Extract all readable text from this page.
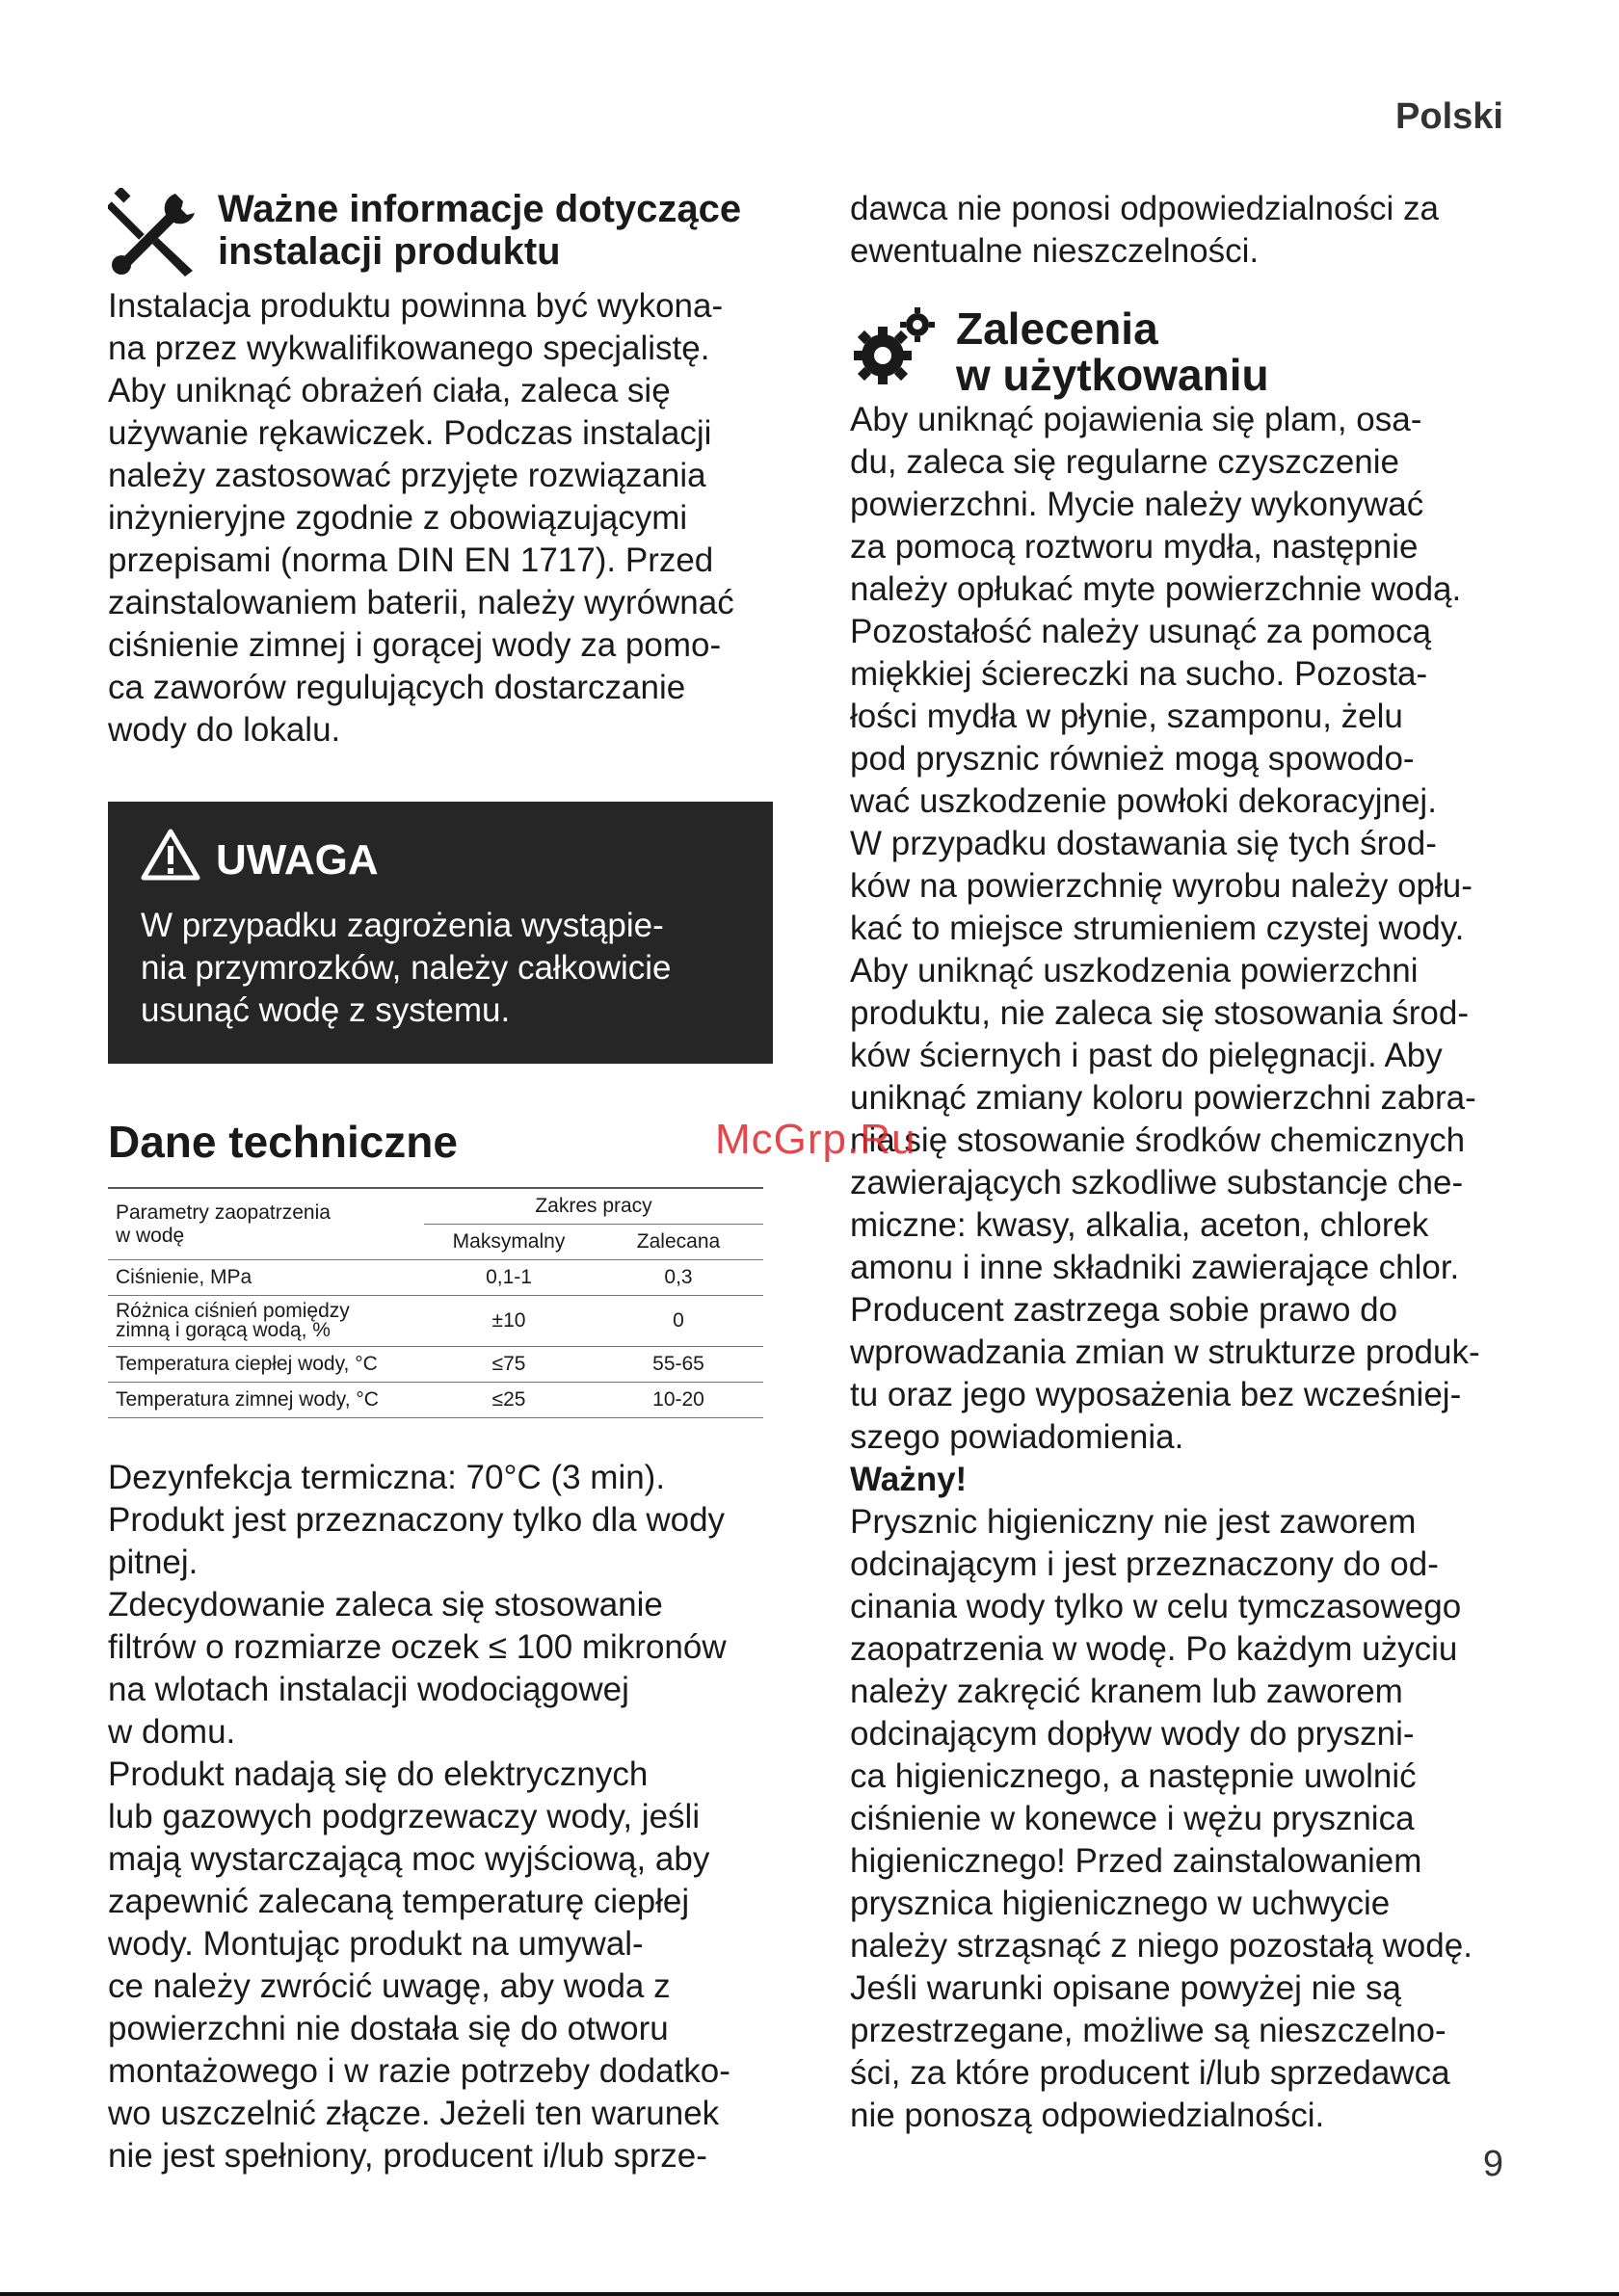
Polski
Ważne informacje dotyczące
instalacji produktu

Instalacja produktu powinna być wykona-

na przez wykwalifikowanego specjalistę.

Aby uniknąć obrażeń ciała, zaleca się

używanie rękawiczek. Podczas instalacji

należy zastosować przyjęte rozwiązania

inżynieryjne zgodnie z obowiązującymi

przepisami (norma DIN EN 1717). Przed

zainstalowaniem baterii, należy wyrównać

ciśnienie zimnej i gorącej wody za pomo-

ca zaworów regulujących dostarczanie

wody do lokalu.

UWAGA

W przypadku zagrożenia wystąpie-

nia przymrozków, należy całkowicie

usunąć wodę z systemu.

Dane techniczne
Parametry zaopatrzenia
w wodę	Zakres pracy	
	Maksymalny	Zalecana
Ciśnienie, MPa	0,1-1	0,3
Różnica ciśnień pomiędzy
zimną i gorącą wodą, %	±10	0
Temperatura ciepłej wody, °C	≤75	55-65
Temperatura zimnej wody, °C	≤25	10-20

Dezynfekcja termiczna: 70°C (3 min).

Produkt jest przeznaczony tylko dla wody

pitnej.

Zdecydowanie zaleca się stosowanie

filtrów o rozmiarze oczek ≤ 100 mikronów

na wlotach instalacji wodociągowej

w domu.

Produkt nadają się do elektrycznych

lub gazowych podgrzewaczy wody, jeśli

mają wystarczającą moc wyjściową, aby

zapewnić zalecaną temperaturę ciepłej

wody. Montując produkt na umywal-

ce należy zwrócić uwagę, aby woda z

powierzchni nie dostała się do otworu

montażowego i w razie potrzeby dodatko-

wo uszczelnić złącze. Jeżeli ten warunek

nie jest spełniony, producent i/lub sprze-

dawca nie ponosi odpowiedzialności za

ewentualne nieszczelności.

Zalecenia
w użytkowaniu

Aby uniknąć pojawienia się plam, osa-

du, zaleca się regularne czyszczenie

powierzchni. Mycie należy wykonywać

za pomocą roztworu mydła, następnie

należy opłukać myte powierzchnie wodą.

Pozostałość należy usunąć za pomocą

miękkiej ściereczki na sucho. Pozosta-

łości mydła w płynie, szamponu, żelu

pod prysznic również mogą spowodo-

wać uszkodzenie powłoki dekoracyjnej.

W przypadku dostawania się tych środ-

ków na powierzchnię wyrobu należy opłu-

kać to miejsce strumieniem czystej wody.

Aby uniknąć uszkodzenia powierzchni

produktu, nie zaleca się stosowania środ-

ków ściernych i past do pielęgnacji. Aby

uniknąć zmiany koloru powierzchni zabra-

nia się stosowanie środków chemicznych

zawierających szkodliwe substancje che-

miczne: kwasy, alkalia, aceton, chlorek

amonu i inne składniki zawierające chlor.

Producent zastrzega sobie prawo do

wprowadzania zmian w strukturze produk-

tu oraz jego wyposażenia bez wcześniej-

szego powiadomienia.

Ważny!

Prysznic higieniczny nie jest zaworem

odcinającym i jest przeznaczony do od-

cinania wody tylko w celu tymczasowego

zaopatrzenia w wodę. Po każdym użyciu

należy zakręcić kranem lub zaworem

odcinającym dopływ wody do pryszni-

ca higienicznego, a następnie uwolnić

ciśnienie w konewce i wężu prysznica

higienicznego! Przed zainstalowaniem

prysznica higienicznego w uchwycie

należy strząsnąć z niego pozostałą wodę.

Jeśli warunki opisane powyżej nie są

przestrzegane, możliwe są nieszczelno-

ści, za które producent i/lub sprzedawca

nie ponoszą odpowiedzialności.

McGrp.Ru
9
